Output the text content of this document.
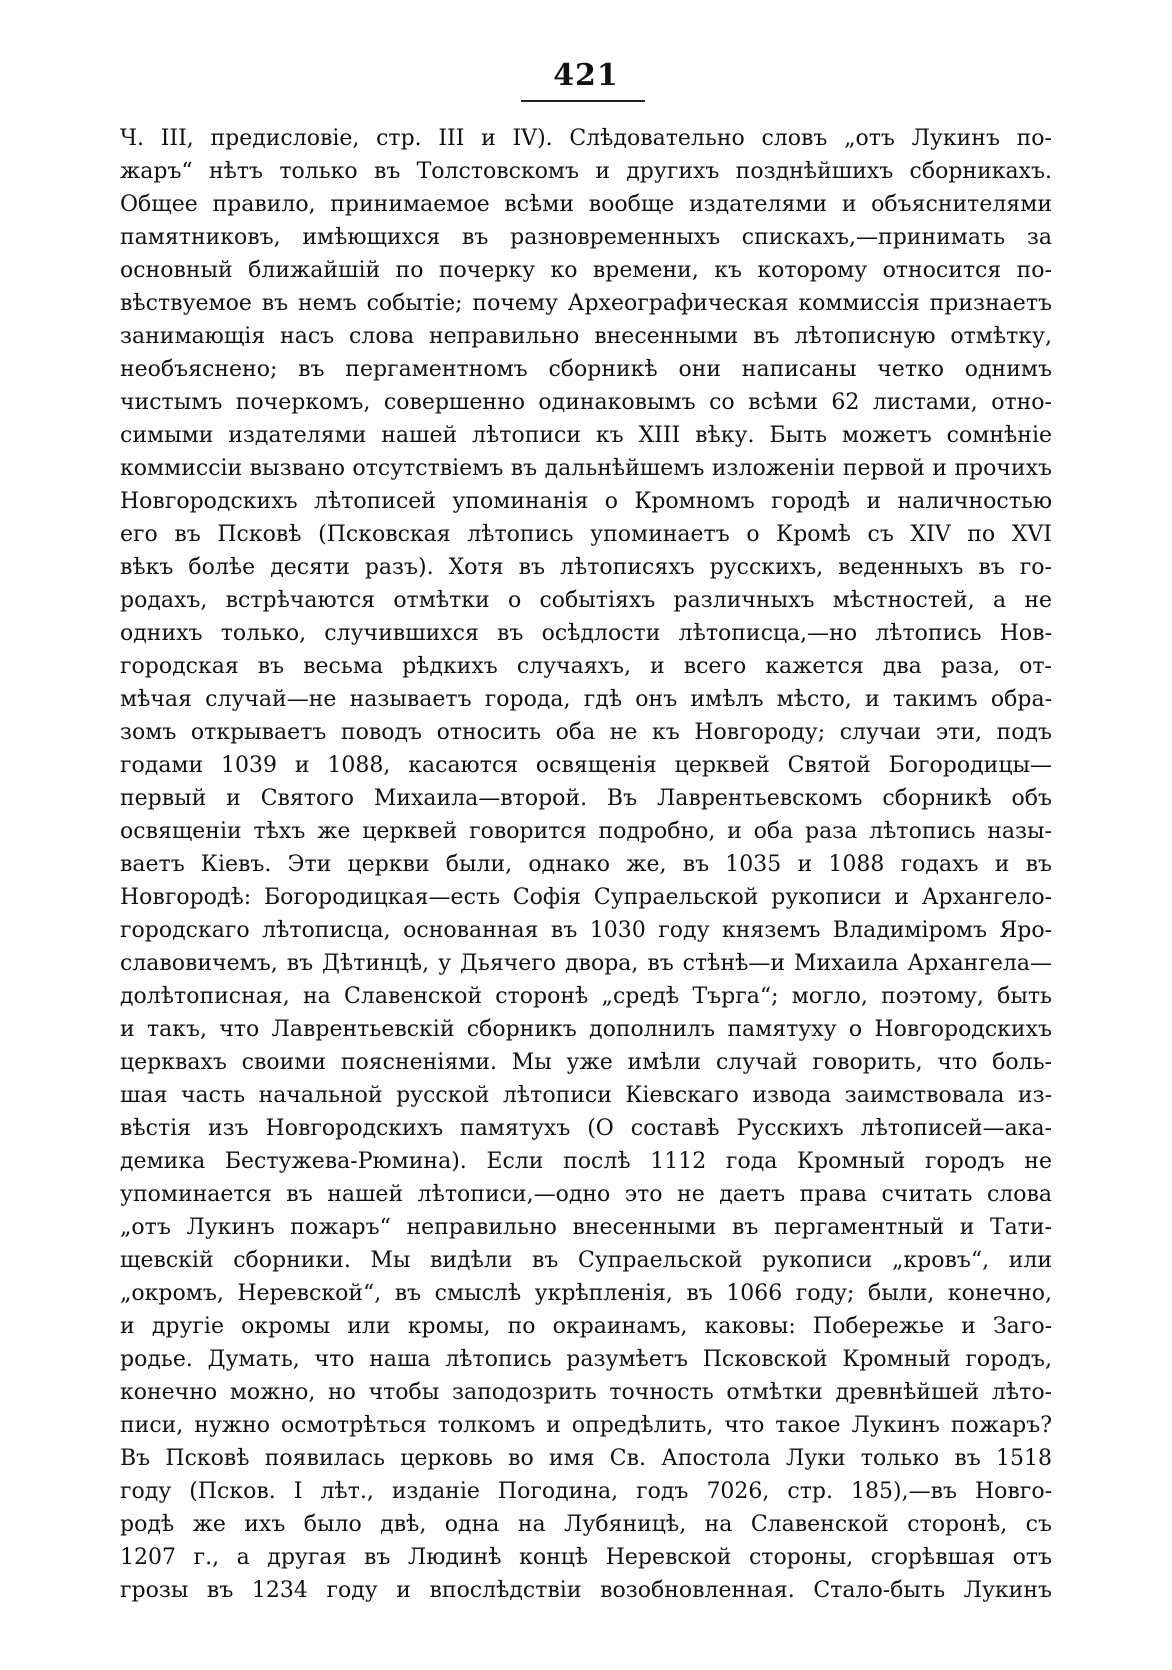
421
Ч. III, предисловіе, стр. III и IV). Слѣдовательно словъ „отъ Лукинъ по-
жаръ“ нѣтъ только въ Толстовскомъ и другихъ позднѣйшихъ сборникахъ.
Общее правило, принимаемое всѣми вообще издателями и объяснителями
памятниковъ, имѣющихся въ разновременныхъ спискахъ,—принимать за
основный ближайшій по почерку ко времени, къ которому относится по-
вѣствуемое въ немъ событіе; почему Археографическая коммиссія признаетъ
занимающія насъ слова неправильно внесенными въ лѣтописную отмѣтку,
необъяснено; въ пергаментномъ сборникѣ они написаны четко однимъ
чистымъ почеркомъ, совершенно одинаковымъ со всѣми 62 листами, отно-
симыми издателями нашей лѣтописи къ XIII вѣку. Быть можетъ сомнѣніе
коммиссіи вызвано отсутствіемъ въ дальнѣйшемъ изложеніи первой и прочихъ
Новгородскихъ лѣтописей упоминанія о Кромномъ городѣ и наличностью
его въ Псковѣ (Псковская лѣтопись упоминаетъ о Кромѣ съ XIV по XVI
вѣкъ болѣе десяти разъ). Хотя въ лѣтописяхъ русскихъ, веденныхъ въ го-
родахъ, встрѣчаются отмѣтки о событіяхъ различныхъ мѣстностей, а не
однихъ только, случившихся въ осѣдлости лѣтописца,—но лѣтопись Нов-
городская въ весьма рѣдкихъ случаяхъ, и всего кажется два раза, от-
мѣчая случай—не называетъ города, гдѣ онъ имѣлъ мѣсто, и такимъ обра-
зомъ открываетъ поводъ относить оба не къ Новгороду; случаи эти, подъ
годами 1039 и 1088, касаются освященія церквей Святой Богородицы—
первый и Святого Михаила—второй. Въ Лаврентьевскомъ сборникѣ объ
освященіи тѣхъ же церквей говорится подробно, и оба раза лѣтопись назы-
ваетъ Кіевъ. Эти церкви были, однако же, въ 1035 и 1088 годахъ и въ
Новгородѣ: Богородицкая—есть Софія Супраельской рукописи и Архангело-
городскаго лѣтописца, основанная въ 1030 году княземъ Владиміромъ Яро-
славовичемъ, въ Дѣтинцѣ, у Дьячего двора, въ стѣнѣ—и Михаила Архангела—
долѣтописная, на Славенской сторонѣ „средѣ Търга“; могло, поэтому, быть
и такъ, что Лаврентьевскій сборникъ дополнилъ памятуху о Новгородскихъ
церквахъ своими поясненіями. Мы уже имѣли случай говорить, что боль-
шая часть начальной русской лѣтописи Кіевскаго извода заимствовала из-
вѣстія изъ Новгородскихъ памятухъ (О составѣ Русскихъ лѣтописей—ака-
демика Бестужева-Рюмина). Если послѣ 1112 года Кромный городъ не
упоминается въ нашей лѣтописи,—одно это не даетъ права считать слова
„отъ Лукинъ пожаръ“ неправильно внесенными въ пергаментный и Тати-
щевскій сборники. Мы видѣли въ Супраельской рукописи „кровъ“, или
„окромъ, Неревской“, въ смыслѣ укрѣпленія, въ 1066 году; были, конечно,
и другіе окромы или кромы, по окраинамъ, каковы: Побережье и Заго-
родье. Думать, что наша лѣтопись разумѣетъ Псковской Кромный городъ,
конечно можно, но чтобы заподозрить точность отмѣтки древнѣйшей лѣто-
писи, нужно осмотрѣться толкомъ и опредѣлить, что такое Лукинъ пожаръ?
Въ Псковѣ появилась церковь во имя Св. Апостола Луки только въ 1518
году (Псков. I лѣт., изданіе Погодина, годъ 7026, стр. 185),—въ Новго-
родѣ же ихъ было двѣ, одна на Лубяницѣ, на Славенской сторонѣ, съ
1207 г., а другая въ Людинѣ концѣ Неревской стороны, сгорѣвшая отъ
грозы въ 1234 году и впослѣдствіи возобновленная. Стало-быть Лукинъ
